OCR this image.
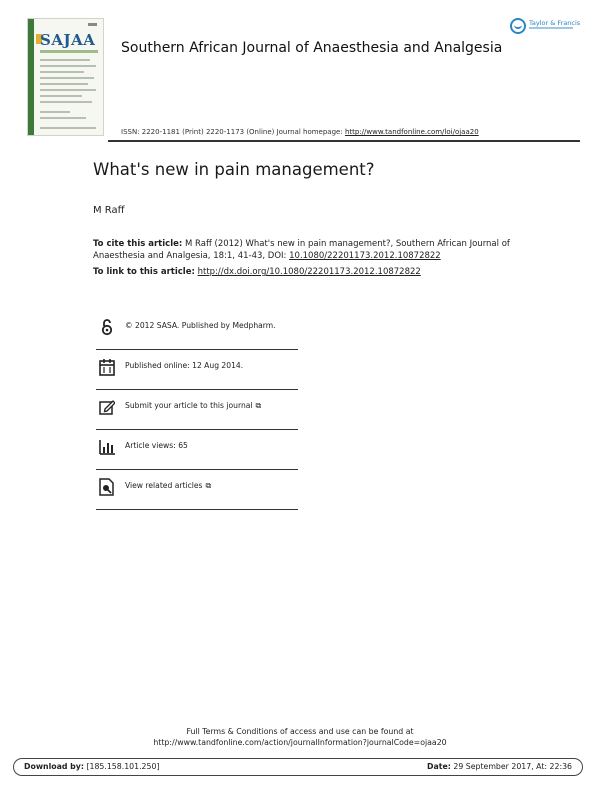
SAJAA Southern African Journal of Anaesthesia and Analgesia
ISSN: 2220-1181 (Print) 2220-1173 (Online) Journal homepage: http://www.tandfonline.com/loi/ojaa20
Taylor & Francis
What's new in pain management?
M Raff
To cite this article: M Raff (2012) What's new in pain management?, Southern African Journal of Anaesthesia and Analgesia, 18:1, 41-43, DOI: 10.1080/22201173.2012.10872822
To link to this article: http://dx.doi.org/10.1080/22201173.2012.10872822
© 2012 SASA. Published by Medpharm.
Published online: 12 Aug 2014.
Submit your article to this journal ⧉
Article views: 65
View related articles ⧉
Full Terms & Conditions of access and use can be found at
http://www.tandfonline.com/action/journalInformation?journalCode=ojaa20
Download by: [185.158.101.250]	Date: 29 September 2017, At: 22:36
